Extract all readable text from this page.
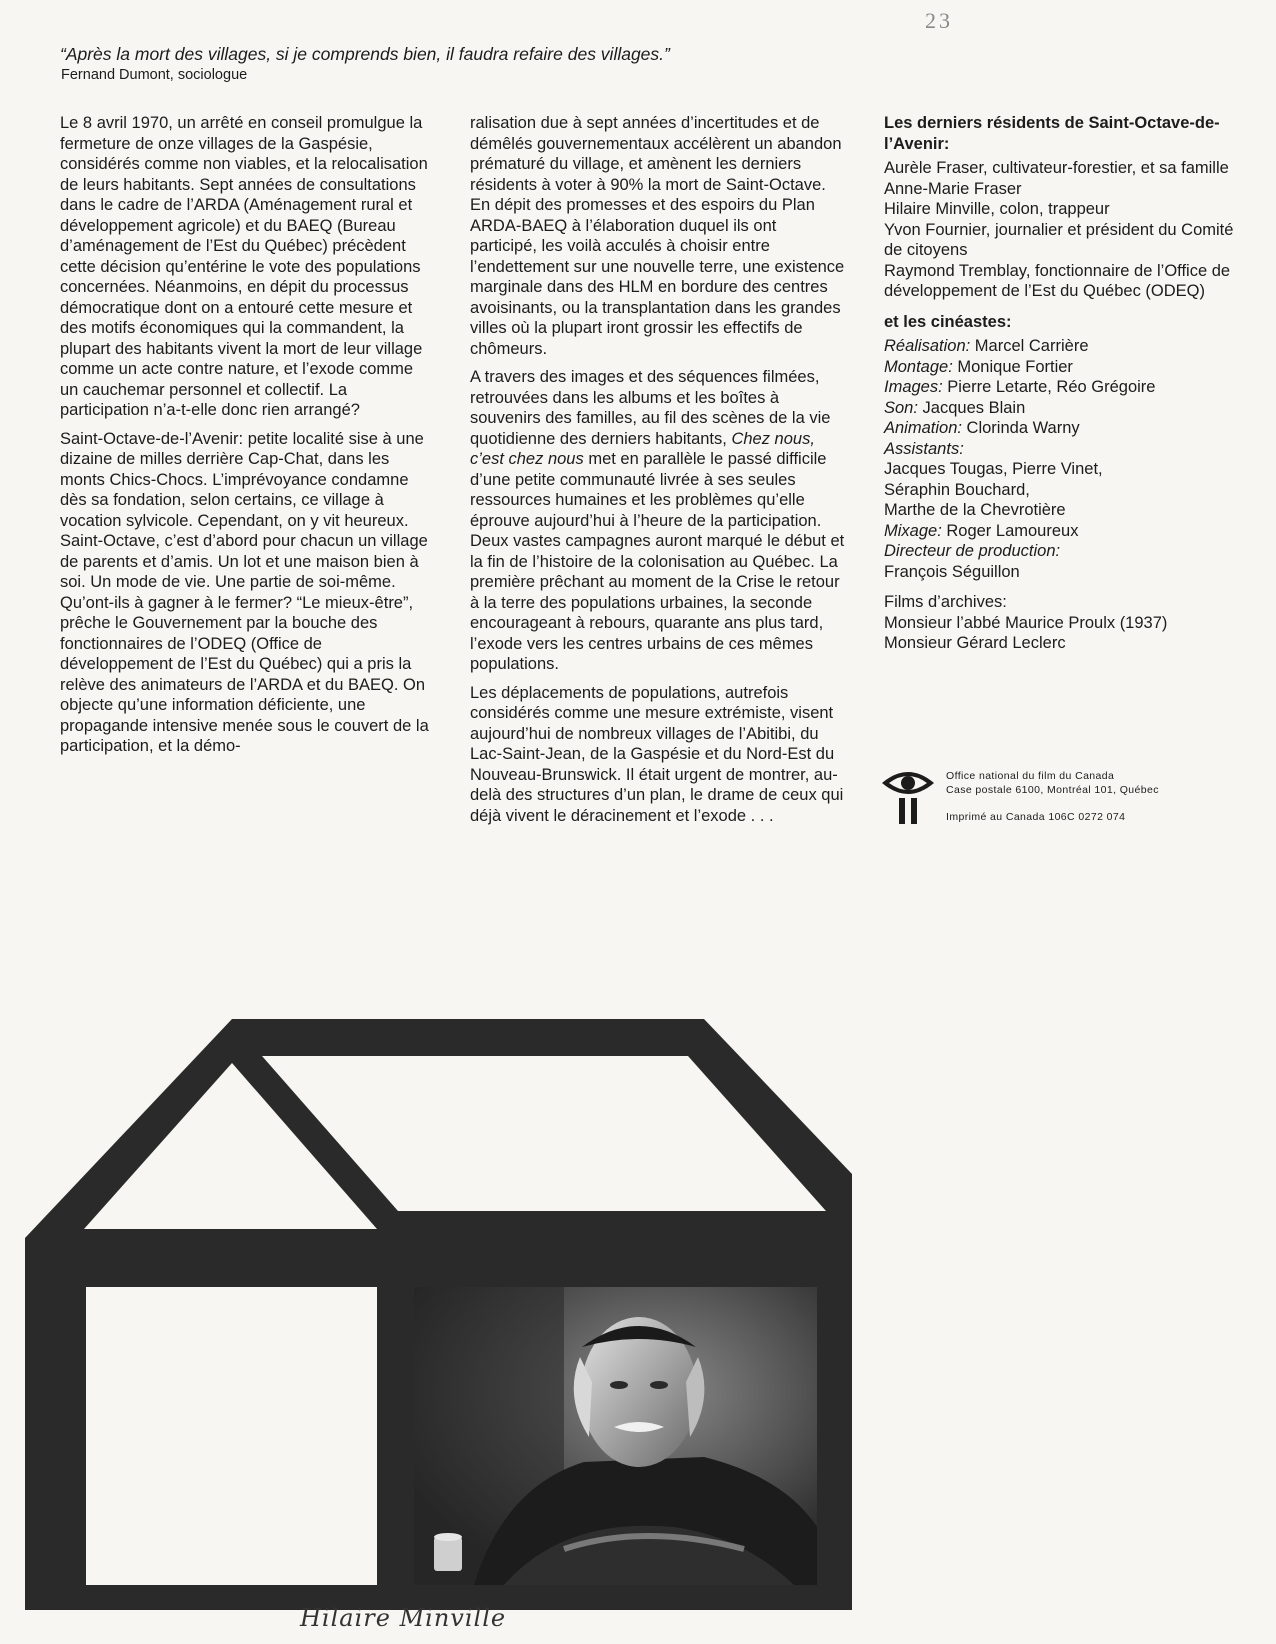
23
“Après la mort des villages, si je comprends bien, il faudra refaire des villages.”
Fernand Dumont, sociologue

Le 8 avril 1970, un arrêté en conseil promulgue la fermeture de onze villages de la Gaspésie, considérés comme non viables, et la relocalisation de leurs habitants. Sept années de consultations dans le cadre de l’ARDA (Aménagement rural et développement agricole) et du BAEQ (Bureau d’aménagement de l’Est du Québec) précèdent cette décision qu’entérine le vote des populations concernées. Néanmoins, en dépit du processus démocratique dont on a entouré cette mesure et des motifs économiques qui la commandent, la plupart des habitants vivent la mort de leur village comme un acte contre nature, et l’exode comme un cauchemar personnel et collectif. La participation n’a-t-elle donc rien arrangé?

Saint-Octave-de-l’Avenir: petite localité sise à une dizaine de milles derrière Cap-Chat, dans les monts Chics-Chocs. L’imprévoyance condamne dès sa fondation, selon certains, ce village à vocation sylvicole. Cependant, on y vit heureux. Saint-Octave, c’est d’abord pour chacun un village de parents et d’amis. Un lot et une maison bien à soi. Un mode de vie. Une partie de soi-même. Qu’ont-ils à gagner à le fermer? “Le mieux-être”, prêche le Gouvernement par la bouche des fonctionnaires de l’ODEQ (Office de développement de l’Est du Québec) qui a pris la relève des animateurs de l’ARDA et du BAEQ. On objecte qu’une information déficiente, une propagande intensive menée sous le couvert de la participation, et la démo-

ralisation due à sept années d’incertitudes et de démêlés gouvernementaux accélèrent un abandon prématuré du village, et amènent les derniers résidents à voter à 90% la mort de Saint-Octave. En dépit des promesses et des espoirs du Plan ARDA-BAEQ à l’élaboration duquel ils ont participé, les voilà acculés à choisir entre l’endettement sur une nouvelle terre, une existence marginale dans des HLM en bordure des centres avoisinants, ou la transplantation dans les grandes villes où la plupart iront grossir les effectifs de chômeurs.

A travers des images et des séquences filmées, retrouvées dans les albums et les boîtes à souvenirs des familles, au fil des scènes de la vie quotidienne des derniers habitants, Chez nous, c’est chez nous met en parallèle le passé difficile d’une petite communauté livrée à ses seules ressources humaines et les problèmes qu’elle éprouve aujourd’hui à l’heure de la participation. Deux vastes campagnes auront marqué le début et la fin de l’histoire de la colonisation au Québec. La première prêchant au moment de la Crise le retour à la terre des populations urbaines, la seconde encourageant à rebours, quarante ans plus tard, l’exode vers les centres urbains de ces mêmes populations.

Les déplacements de populations, autrefois considérés comme une mesure extrémiste, visent aujourd’hui de nombreux villages de l’Abitibi, du Lac-Saint-Jean, de la Gaspésie et du Nord-Est du Nouveau-Brunswick. Il était urgent de montrer, au-delà des structures d’un plan, le drame de ceux qui déjà vivent le déracinement et l’exode . . .

Les derniers résidents de Saint-Octave-de-l’Avenir:
Aurèle Fraser, cultivateur-forestier, et sa famille
Anne-Marie Fraser
Hilaire Minville, colon, trappeur
Yvon Fournier, journalier et président du Comité de citoyens
Raymond Tremblay, fonctionnaire de l’Office de développement de l’Est du Québec (ODEQ)
et les cinéastes:
Réalisation: Marcel Carrière
Montage: Monique Fortier
Images: Pierre Letarte, Réo Grégoire
Son: Jacques Blain
Animation: Clorinda Warny
Assistants:
Jacques Tougas, Pierre Vinet,
Séraphin Bouchard,
Marthe de la Chevrotière
Mixage: Roger Lamoureux
Directeur de production:
François Séguillon
Films d’archives:
Monsieur l’abbé Maurice Proulx (1937)
Monsieur Gérard Leclerc
Office national du film du Canada
Case postale 6100, Montréal 101, Québec
Imprimé au Canada 106C 0272 074
Hilaire Minville
